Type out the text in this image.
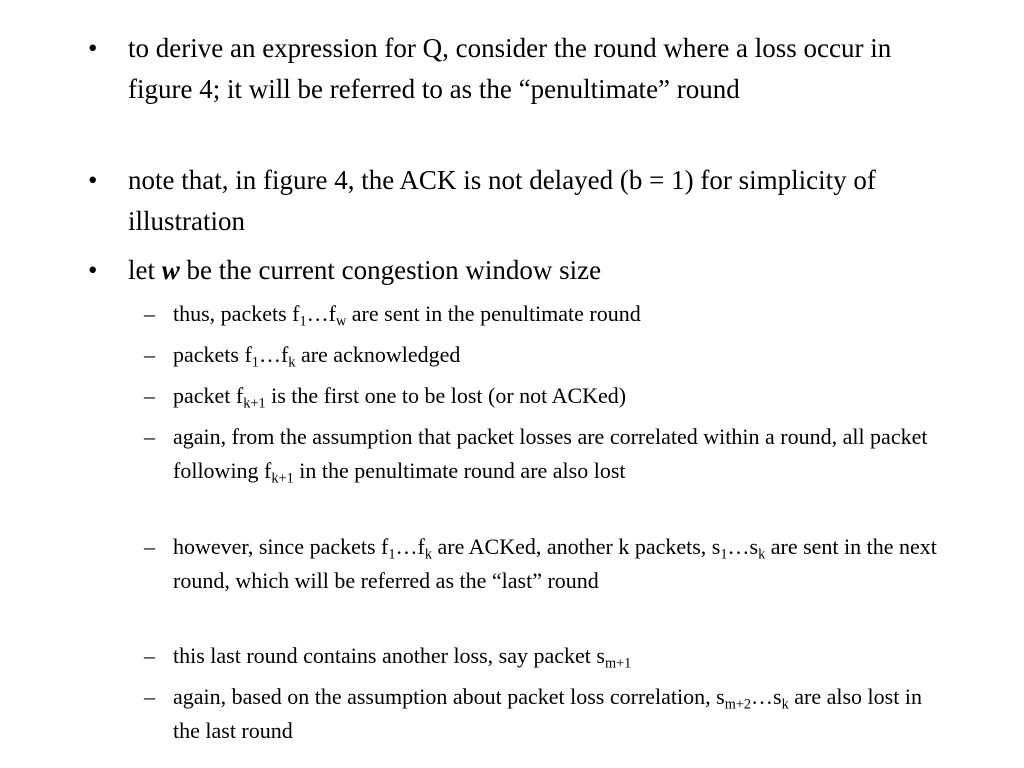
• to derive an expression for Q, consider the round where a loss occur in figure 4; it will be referred to as the “penultimate” round
• note that, in figure 4, the ACK is not delayed (b = 1) for simplicity of illustration
• let w be the current congestion window size
– thus, packets $f_1\dots f_w$ are sent in the penultimate round
– packets $f_1\dots f_k$ are acknowledged
– packet $f_{k+1}$ is the first one to be lost (or not ACKed)
– again, from the assumption that packet losses are correlated within a round, all packet following $f_{k+1}$ in the penultimate round are also lost
– however, since packets $f_1\dots f_k$ are ACKed, another k packets, $s_1\dots s_k$ are sent in the next round, which will be referred as the “last” round
– this last round contains another loss, say packet $s_{m+1}$
– again, based on the assumption about packet loss correlation, $s_{m+2}\dots s_k$ are also lost in the last round
